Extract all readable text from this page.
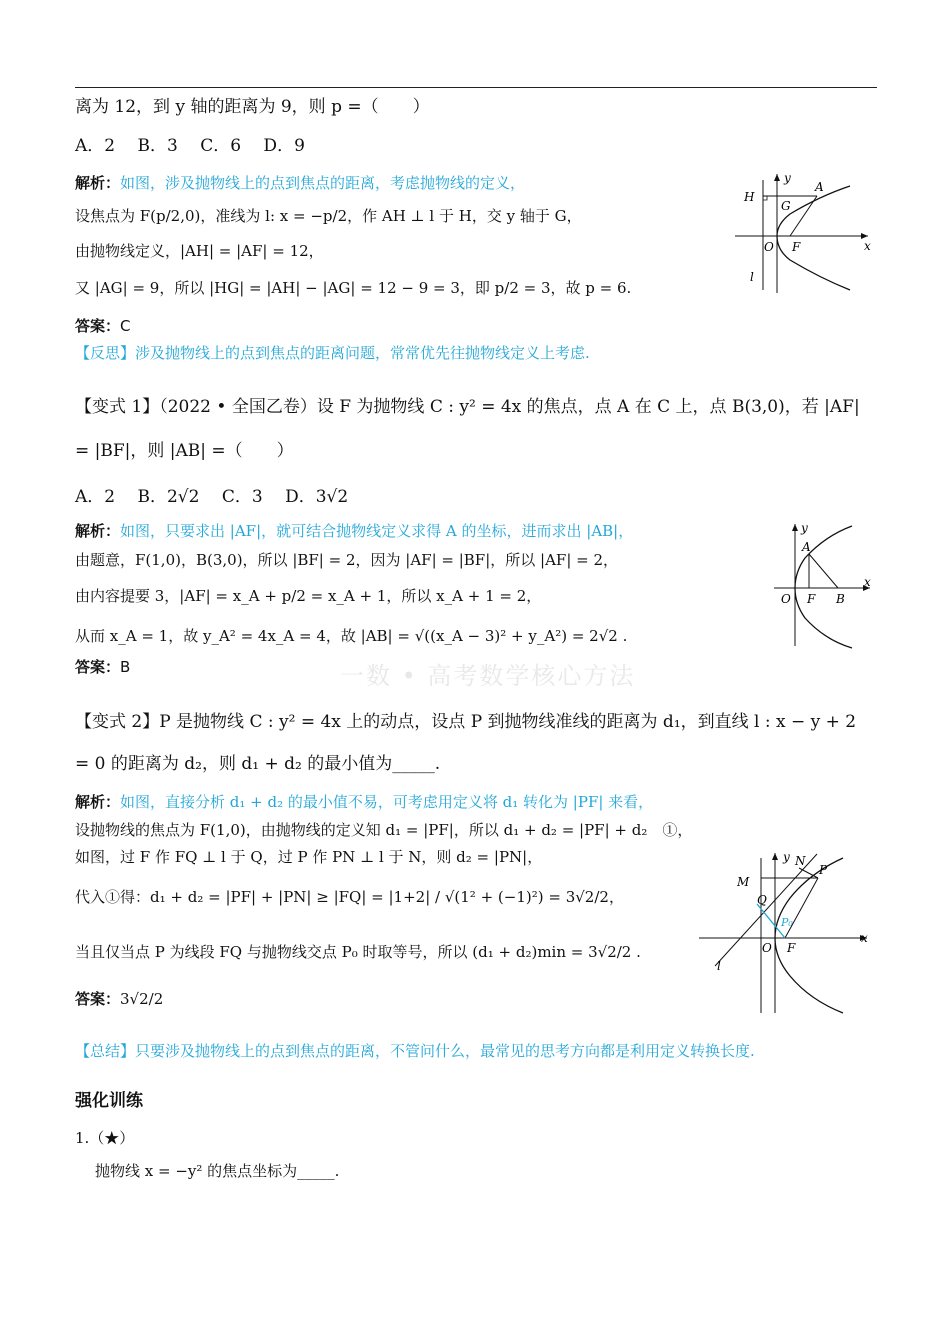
离为 12，到 y 轴的距离为 9，则 p =（　　）
A．2　 B．3　 C．6　 D．9
解析：如图，涉及抛物线上的点到焦点的距离，考虑抛物线的定义，
设焦点为 F(p/2,0)，准线为 l: x = −p/2，作 AH ⊥ l 于 H，交 y 轴于 G，
由抛物线定义，|AH| = |AF| = 12，
又 |AG| = 9，所以 |HG| = |AH| − |AG| = 12 − 9 = 3，即 p/2 = 3，故 p = 6.
答案：C
【反思】涉及抛物线上的点到焦点的距离问题，常常优先往抛物线定义上考虑.
y
x
H
G
A
O F
l
【变式 1】（2022 • 全国乙卷）设 F 为抛物线 C : y² = 4x 的焦点，点 A 在 C 上，点 B(3,0)，若 |AF|
= |BF|，则 |AB| =（　　）
A．2　 B．2√2　 C．3　 D．3√2
解析：如图，只要求出 |AF|，就可结合抛物线定义求得 A 的坐标，进而求出 |AB|，
由题意，F(1,0)，B(3,0)，所以 |BF| = 2，因为 |AF| = |BF|，所以 |AF| = 2，
由内容提要 3，|AF| = x_A + p/2 = x_A + 1，所以 x_A + 1 = 2，
从而 x_A = 1，故 y_A² = 4x_A = 4，故 |AB| = √((x_A − 3)² + y_A²) = 2√2 .
答案：B
y
x
A
O F B
一数 • 高考数学核心方法
【变式 2】P 是抛物线 C : y² = 4x 上的动点，设点 P 到抛物线准线的距离为 d₁，到直线 l : x − y + 2
= 0 的距离为 d₂，则 d₁ + d₂ 的最小值为_____.
解析：如图，直接分析 d₁ + d₂ 的最小值不易，可考虑用定义将 d₁ 转化为 |PF| 来看，
设抛物线的焦点为 F(1,0)，由抛物线的定义知 d₁ = |PF|，所以 d₁ + d₂ = |PF| + d₂　①，
如图，过 F 作 FQ ⊥ l 于 Q，过 P 作 PN ⊥ l 于 N，则 d₂ = |PN|，
代入①得：d₁ + d₂ = |PF| + |PN| ≥ |FQ| = |1+2| / √(1² + (−1)²) = 3√2/2，
当且仅当点 P 为线段 FQ 与抛物线交点 P₀ 时取等号，所以 (d₁ + d₂)min = 3√2/2 .
答案：3√2/2
【总结】只要涉及抛物线上的点到焦点的距离，不管问什么，最常见的思考方向都是利用定义转换长度.
y
x
M
N
P
Q
P₀
O F
l
强化训练
1.（★）
抛物线 x = −y² 的焦点坐标为_____.
